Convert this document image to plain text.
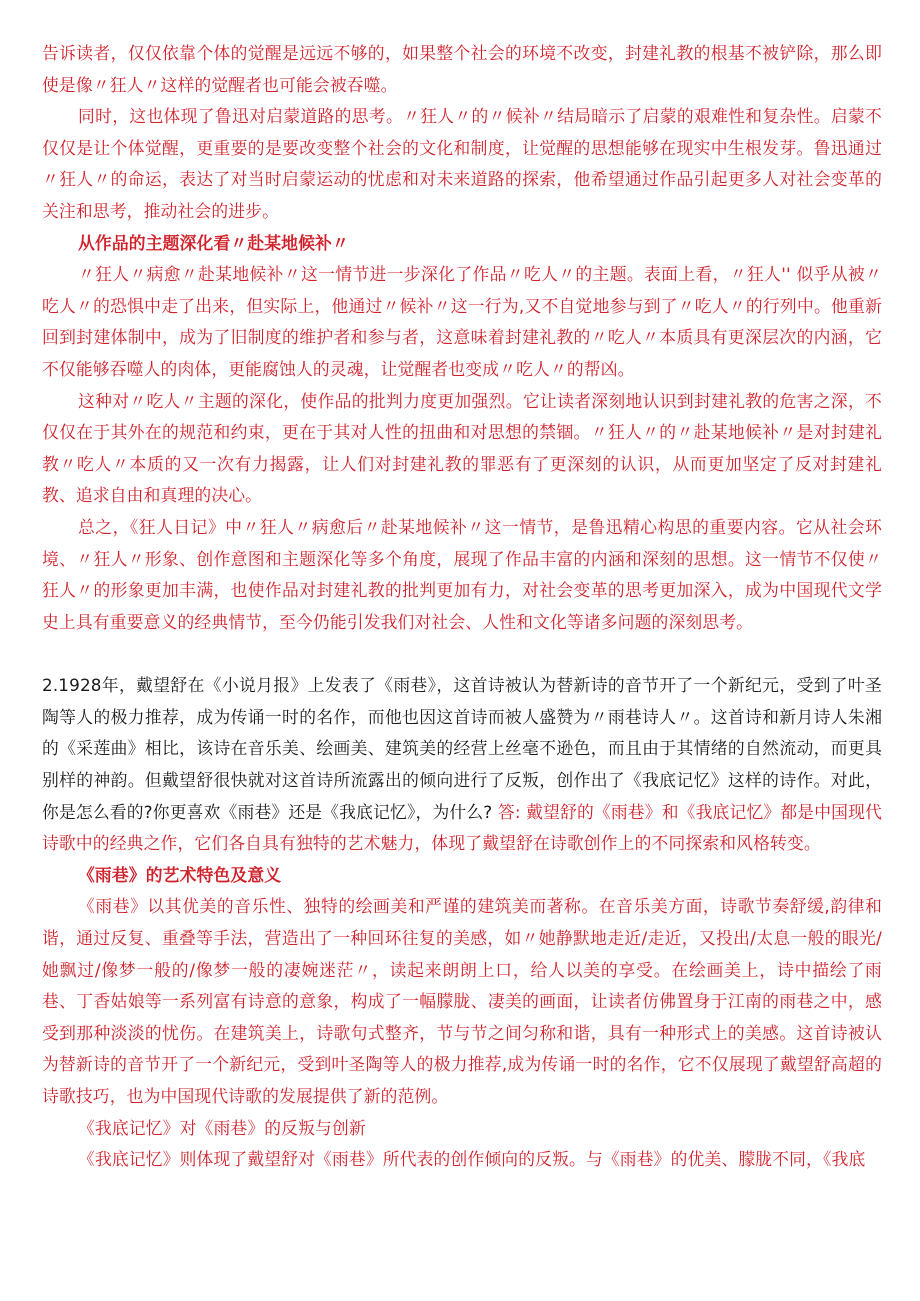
告诉读者，仅仅依靠个体的觉醒是远远不够的，如果整个社会的环境不改变，封建礼教的根基不被铲除，那么即使是像〃狂人〃这样的觉醒者也可能会被吞噬。

同时，这也体现了鲁迅对启蒙道路的思考。〃狂人〃的〃候补〃结局暗示了启蒙的艰难性和复杂性。启蒙不仅仅是让个体觉醒，更重要的是要改变整个社会的文化和制度，让觉醒的思想能够在现实中生根发芽。鲁迅通过〃狂人〃的命运，表达了对当时启蒙运动的忧虑和对未来道路的探索，他希望通过作品引起更多人对社会变革的关注和思考，推动社会的进步。

从作品的主题深化看〃赴某地候补〃

〃狂人〃病愈〃赴某地候补〃这一情节进一步深化了作品〃吃人〃的主题。表面上看，〃狂人'' 似乎从被〃吃人〃的恐惧中走了出来，但实际上，他通过〃候补〃这一行为,又不自觉地参与到了〃吃人〃的行列中。他重新回到封建体制中，成为了旧制度的维护者和参与者，这意味着封建礼教的〃吃人〃本质具有更深层次的内涵，它不仅能够吞噬人的肉体，更能腐蚀人的灵魂，让觉醒者也变成〃吃人〃的帮凶。

这种对〃吃人〃主题的深化，使作品的批判力度更加强烈。它让读者深刻地认识到封建礼教的危害之深，不仅仅在于其外在的规范和约束，更在于其对人性的扭曲和对思想的禁锢。〃狂人〃的〃赴某地候补〃是对封建礼教〃吃人〃本质的又一次有力揭露，让人们对封建礼教的罪恶有了更深刻的认识，从而更加坚定了反对封建礼教、追求自由和真理的决心。

总之，《狂人日记》中〃狂人〃病愈后〃赴某地候补〃这一情节，是鲁迅精心构思的重要内容。它从社会环境、〃狂人〃形象、创作意图和主题深化等多个角度，展现了作品丰富的内涵和深刻的思想。这一情节不仅使〃狂人〃的形象更加丰满，也使作品对封建礼教的批判更加有力，对社会变革的思考更加深入，成为中国现代文学史上具有重要意义的经典情节，至今仍能引发我们对社会、人性和文化等诸多问题的深刻思考。

2.1928年，戴望舒在《小说月报》上发表了《雨巷》，这首诗被认为替新诗的音节开了一个新纪元，受到了叶圣陶等人的极力推荐，成为传诵一时的名作，而他也因这首诗而被人盛赞为〃雨巷诗人〃。这首诗和新月诗人朱湘的《采莲曲》相比，该诗在音乐美、绘画美、建筑美的经营上丝毫不逊色，而且由于其情绪的自然流动，而更具别样的神韵。但戴望舒很快就对这首诗所流露出的倾向进行了反叛，创作出了《我底记忆》这样的诗作。对此，你是怎么看的?你更喜欢《雨巷》还是《我底记忆》，为什么? 答: 戴望舒的《雨巷》和《我底记忆》都是中国现代诗歌中的经典之作，它们各自具有独特的艺术魅力，体现了戴望舒在诗歌创作上的不同探索和风格转变。

《雨巷》的艺术特色及意义

《雨巷》以其优美的音乐性、独特的绘画美和严谨的建筑美而著称。在音乐美方面，诗歌节奏舒缓,韵律和谐，通过反复、重叠等手法，营造出了一种回环往复的美感，如〃她静默地走近/走近，又投出/太息一般的眼光/她飘过/像梦一般的/像梦一般的凄婉迷茫〃，读起来朗朗上口，给人以美的享受。在绘画美上，诗中描绘了雨巷、丁香姑娘等一系列富有诗意的意象，构成了一幅朦胧、凄美的画面，让读者仿佛置身于江南的雨巷之中，感受到那种淡淡的忧伤。在建筑美上，诗歌句式整齐，节与节之间匀称和谐，具有一种形式上的美感。这首诗被认为替新诗的音节开了一个新纪元，受到叶圣陶等人的极力推荐,成为传诵一时的名作，它不仅展现了戴望舒高超的诗歌技巧，也为中国现代诗歌的发展提供了新的范例。

《我底记忆》对《雨巷》的反叛与创新

《我底记忆》则体现了戴望舒对《雨巷》所代表的创作倾向的反叛。与《雨巷》的优美、朦胧不同，《我底
